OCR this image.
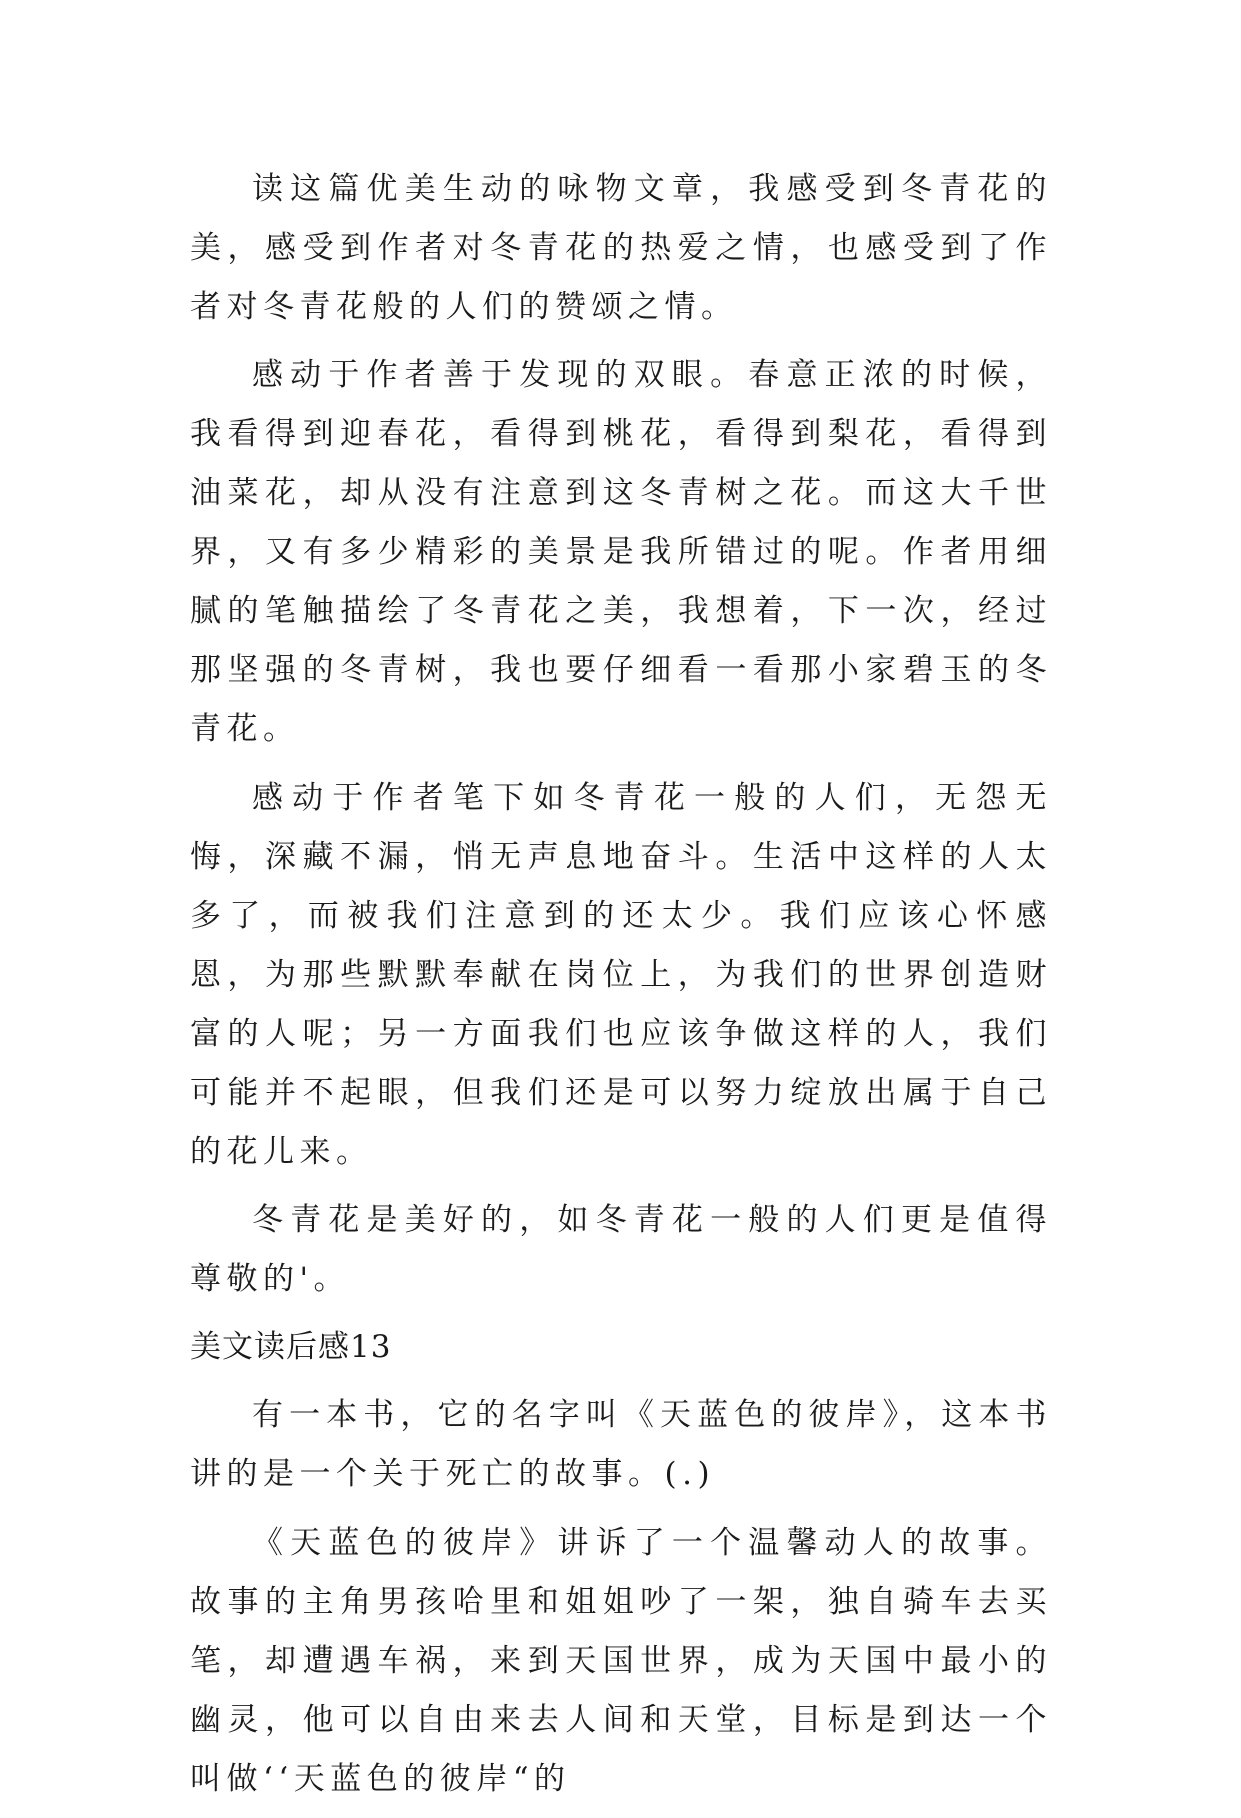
读这篇优美生动的咏物文章，我感受到冬青花的美，感受到作者对冬青花的热爱之情，也感受到了作者对冬青花般的人们的赞颂之情。

感动于作者善于发现的双眼。春意正浓的时候，我看得到迎春花，看得到桃花，看得到梨花，看得到油菜花，却从没有注意到这冬青树之花。而这大千世界，又有多少精彩的美景是我所错过的呢。作者用细腻的笔触描绘了冬青花之美，我想着，下一次，经过那坚强的冬青树，我也要仔细看一看那小家碧玉的冬青花。

感动于作者笔下如冬青花一般的人们，无怨无悔，深藏不漏，悄无声息地奋斗。生活中这样的人太多了，而被我们注意到的还太少。我们应该心怀感恩，为那些默默奉献在岗位上，为我们的世界创造财富的人呢；另一方面我们也应该争做这样的人，我们可能并不起眼，但我们还是可以努力绽放出属于自己的花儿来。

冬青花是美好的，如冬青花一般的人们更是值得尊敬的'。

美文读后感13

有一本书，它的名字叫《天蓝色的彼岸》，这本书讲的是一个关于死亡的故事。(.)

《天蓝色的彼岸》讲诉了一个温馨动人的故事。故事的主角男孩哈里和姐姐吵了一架，独自骑车去买笔，却遭遇车祸，来到天国世界，成为天国中最小的幽灵，他可以自由来去人间和天堂，目标是到达一个叫做‘‘天蓝色的彼岸“的
